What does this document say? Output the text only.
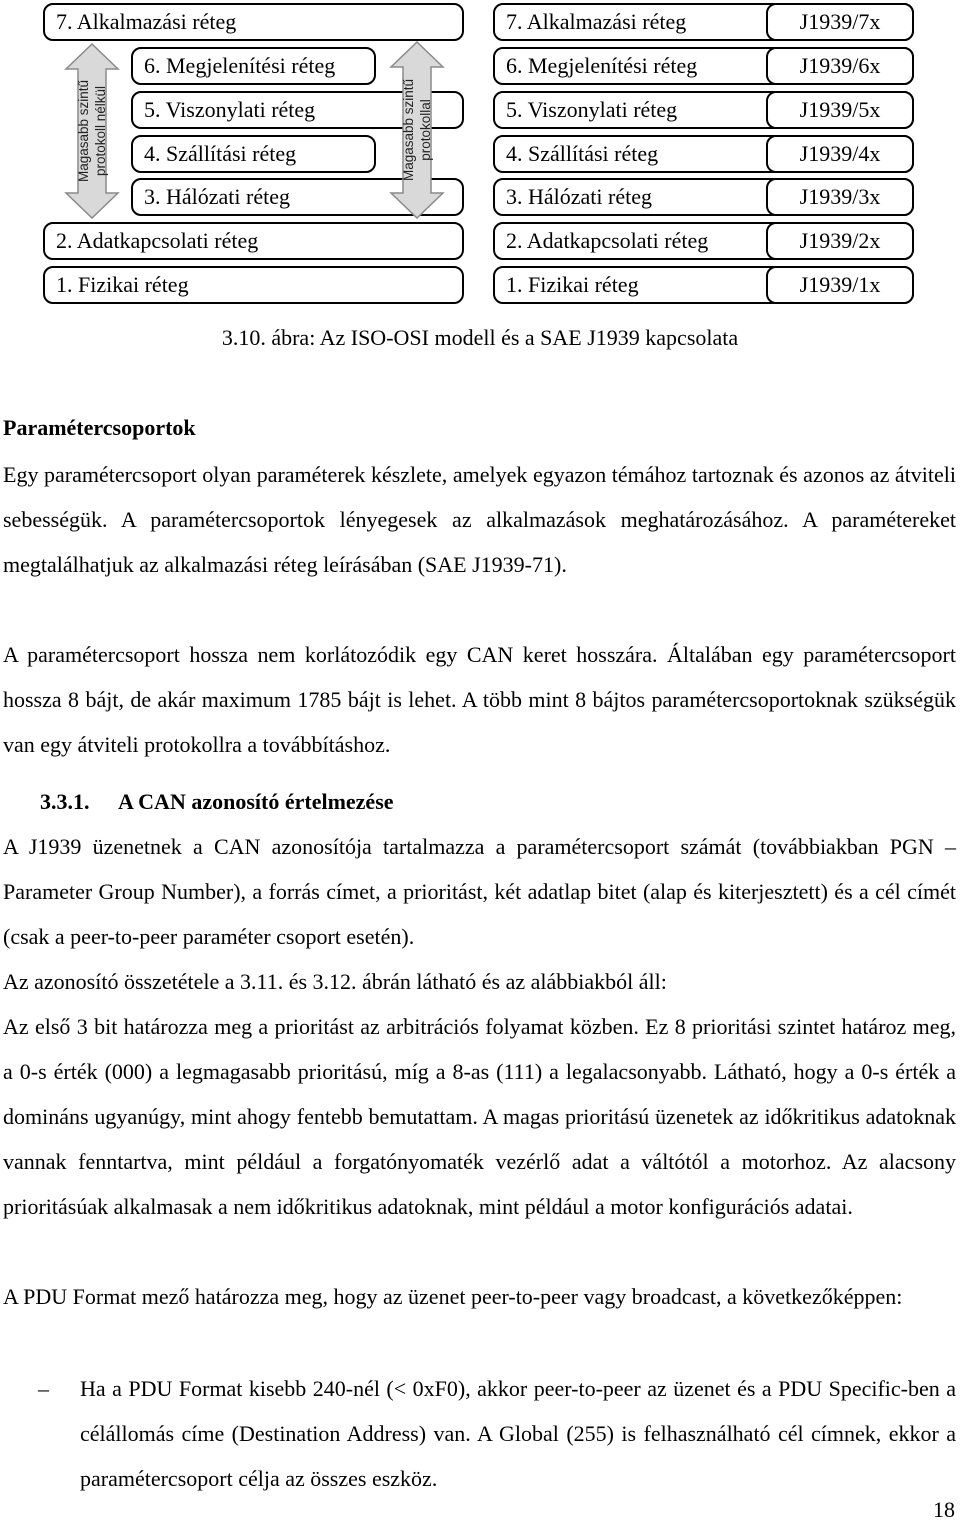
7. Alkalmazási réteg
6. Megjelenítési réteg
5. Viszonylati réteg
4. Szállítási réteg
3. Hálózati réteg
2. Adatkapcsolati réteg
1. Fizikai réteg
Magasabb szintű protokoll nélkül	Magasabb szintű protokollal
7. Alkalmazási réteg
6. Megjelenítési réteg
5. Viszonylati réteg
4. Szállítási réteg
3. Hálózati réteg
2. Adatkapcsolati réteg
1. Fizikai réteg
J1939/7x
J1939/6x
J1939/5x
J1939/4x
J1939/3x
J1939/2x
J1939/1x
3.10. ábra: Az ISO-OSI modell és a SAE J1939 kapcsolata
Paramétercsoportok

Egy paramétercsoport olyan paraméterek készlete, amelyek egyazon témához tartoznak és azonos az átviteli sebességük. A paramétercsoportok lényegesek az alkalmazások meghatározásához. A paramétereket megtalálhatjuk az alkalmazási réteg leírásában (SAE J1939-71).

A paramétercsoport hossza nem korlátozódik egy CAN keret hosszára. Általában egy paramétercsoport hossza 8 bájt, de akár maximum 1785 bájt is lehet. A több mint 8 bájtos paramétercsoportoknak szükségük van egy átviteli protokollra a továbbításhoz.

3.3.1. A CAN azonosító értelmezése

A J1939 üzenetnek a CAN azonosítója tartalmazza a paramétercsoport számát (továbbiakban PGN – Parameter Group Number), a forrás címet, a prioritást, két adatlap bitet (alap és kiterjesztett) és a cél címét (csak a peer-to-peer paraméter csoport esetén).

Az azonosító összetétele a 3.11. és 3.12. ábrán látható és az alábbiakból áll:

Az első 3 bit határozza meg a prioritást az arbitrációs folyamat közben. Ez 8 prioritási szintet határoz meg, a 0-s érték (000) a legmagasabb prioritású, míg a 8-as (111) a legalacsonyabb. Látható, hogy a 0-s érték a domináns ugyanúgy, mint ahogy fentebb bemutattam. A magas prioritású üzenetek az időkritikus adatoknak vannak fenntartva, mint például a forgatónyomaték vezérlő adat a váltótól a motorhoz. Az alacsony prioritásúak alkalmasak a nem időkritikus adatoknak, mint például a motor konfigurációs adatai.

A PDU Format mező határozza meg, hogy az üzenet peer-to-peer vagy broadcast, a következőképpen:

–	Ha a PDU Format kisebb 240-nél (< 0xF0), akkor peer-to-peer az üzenet és a PDU Specific-ben a célállomás címe (Destination Address) van. A Global (255) is felhasználható cél címnek, ekkor a paramétercsoport célja az összes eszköz.

18
